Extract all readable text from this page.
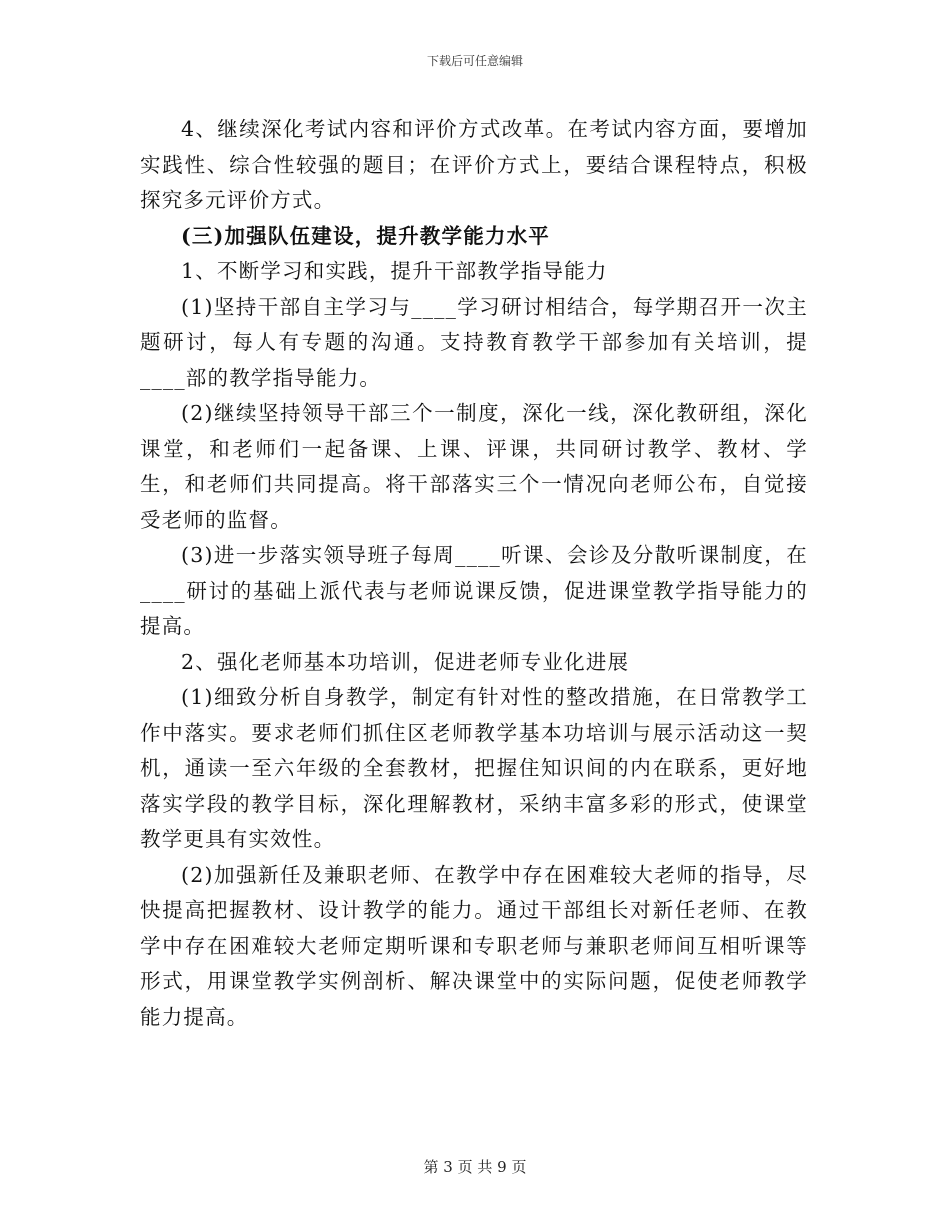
下载后可任意编辑

4、继续深化考试内容和评价方式改革。在考试内容方面，要增加实践性、综合性较强的题目；在评价方式上，要结合课程特点，积极探究多元评价方式。

(三)加强队伍建设，提升教学能力水平

1、不断学习和实践，提升干部教学指导能力

(1)坚持干部自主学习与____学习研讨相结合，每学期召开一次主题研讨，每人有专题的沟通。支持教育教学干部参加有关培训，提____部的教学指导能力。

(2)继续坚持领导干部三个一制度，深化一线，深化教研组，深化课堂，和老师们一起备课、上课、评课，共同研讨教学、教材、学生，和老师们共同提高。将干部落实三个一情况向老师公布，自觉接受老师的监督。

(3)进一步落实领导班子每周____听课、会诊及分散听课制度，在____研讨的基础上派代表与老师说课反馈，促进课堂教学指导能力的提高。

2、强化老师基本功培训，促进老师专业化进展

(1)细致分析自身教学，制定有针对性的整改措施，在日常教学工作中落实。要求老师们抓住区老师教学基本功培训与展示活动这一契机，通读一至六年级的全套教材，把握住知识间的内在联系，更好地落实学段的教学目标，深化理解教材，采纳丰富多彩的形式，使课堂教学更具有实效性。

(2)加强新任及兼职老师、在教学中存在困难较大老师的指导，尽快提高把握教材、设计教学的能力。通过干部组长对新任老师、在教学中存在困难较大老师定期听课和专职老师与兼职老师间互相听课等形式，用课堂教学实例剖析、解决课堂中的实际问题，促使老师教学能力提高。

第 3 页 共 9 页
